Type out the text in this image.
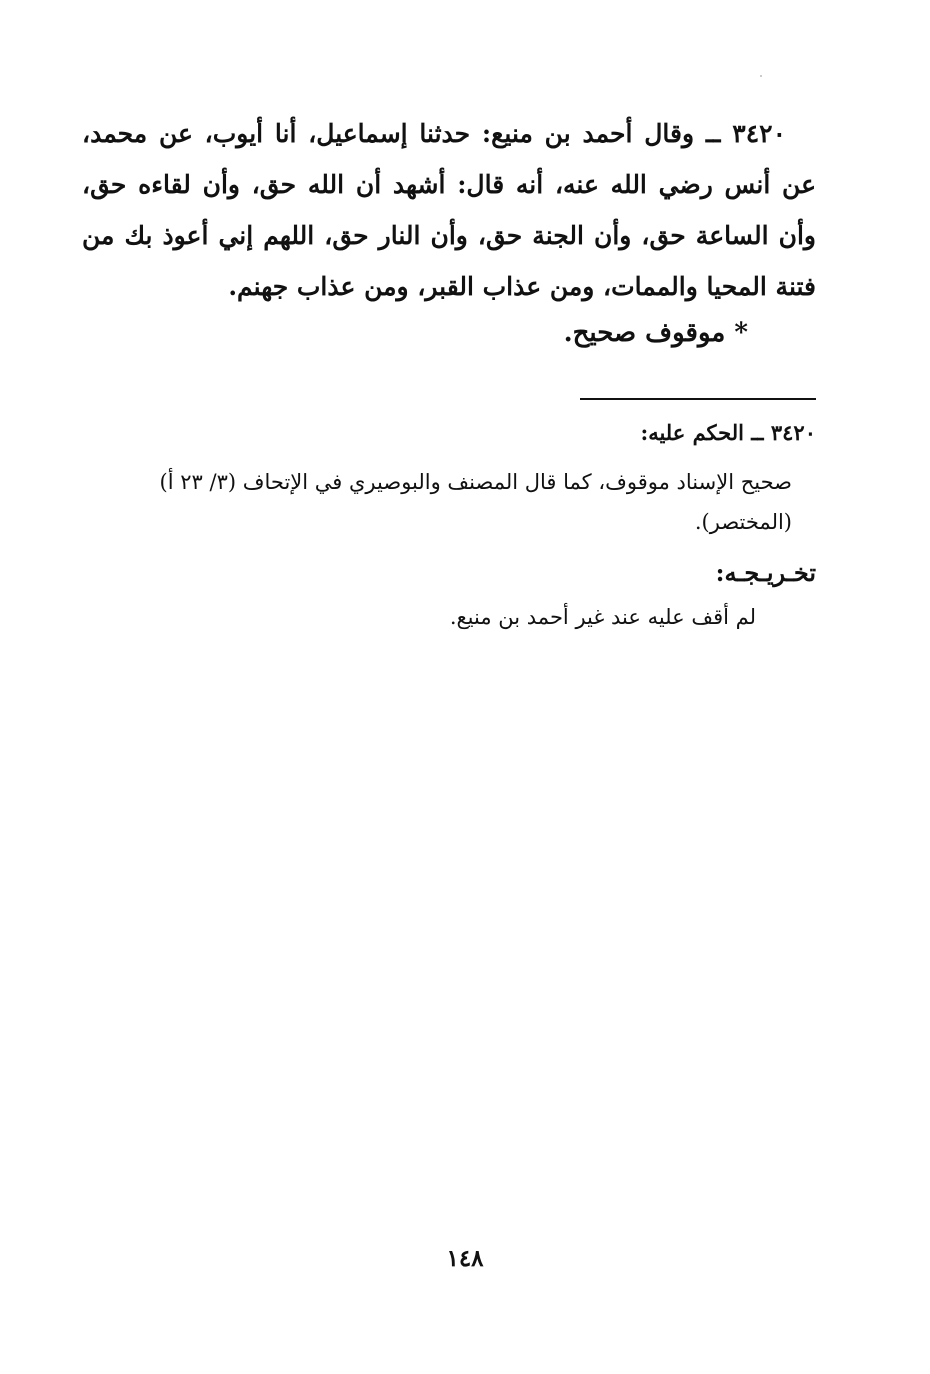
٣٤٢٠ ــ وقال أحمد بن منيع: حدثنا إسماعيل، أنا أيوب، عن محمد، عن أنس رضي الله عنه، أنه قال: أشهد أن الله حق، وأن لقاءه حق، وأن الساعة حق، وأن الجنة حق، وأن النار حق، اللهم إني أعوذ بك من فتنة المحيا والممات، ومن عذاب القبر، ومن عذاب جهنم.
* موقوف صحيح.
٣٤٢٠ ــ الحكم عليه:
صحيح الإسناد موقوف، كما قال المصنف والبوصيري في الإتحاف (٣/ ٢٣ أ) (المختصر).
تخـريـجـه:
لم أقف عليه عند غير أحمد بن منيع.
١٤٨
